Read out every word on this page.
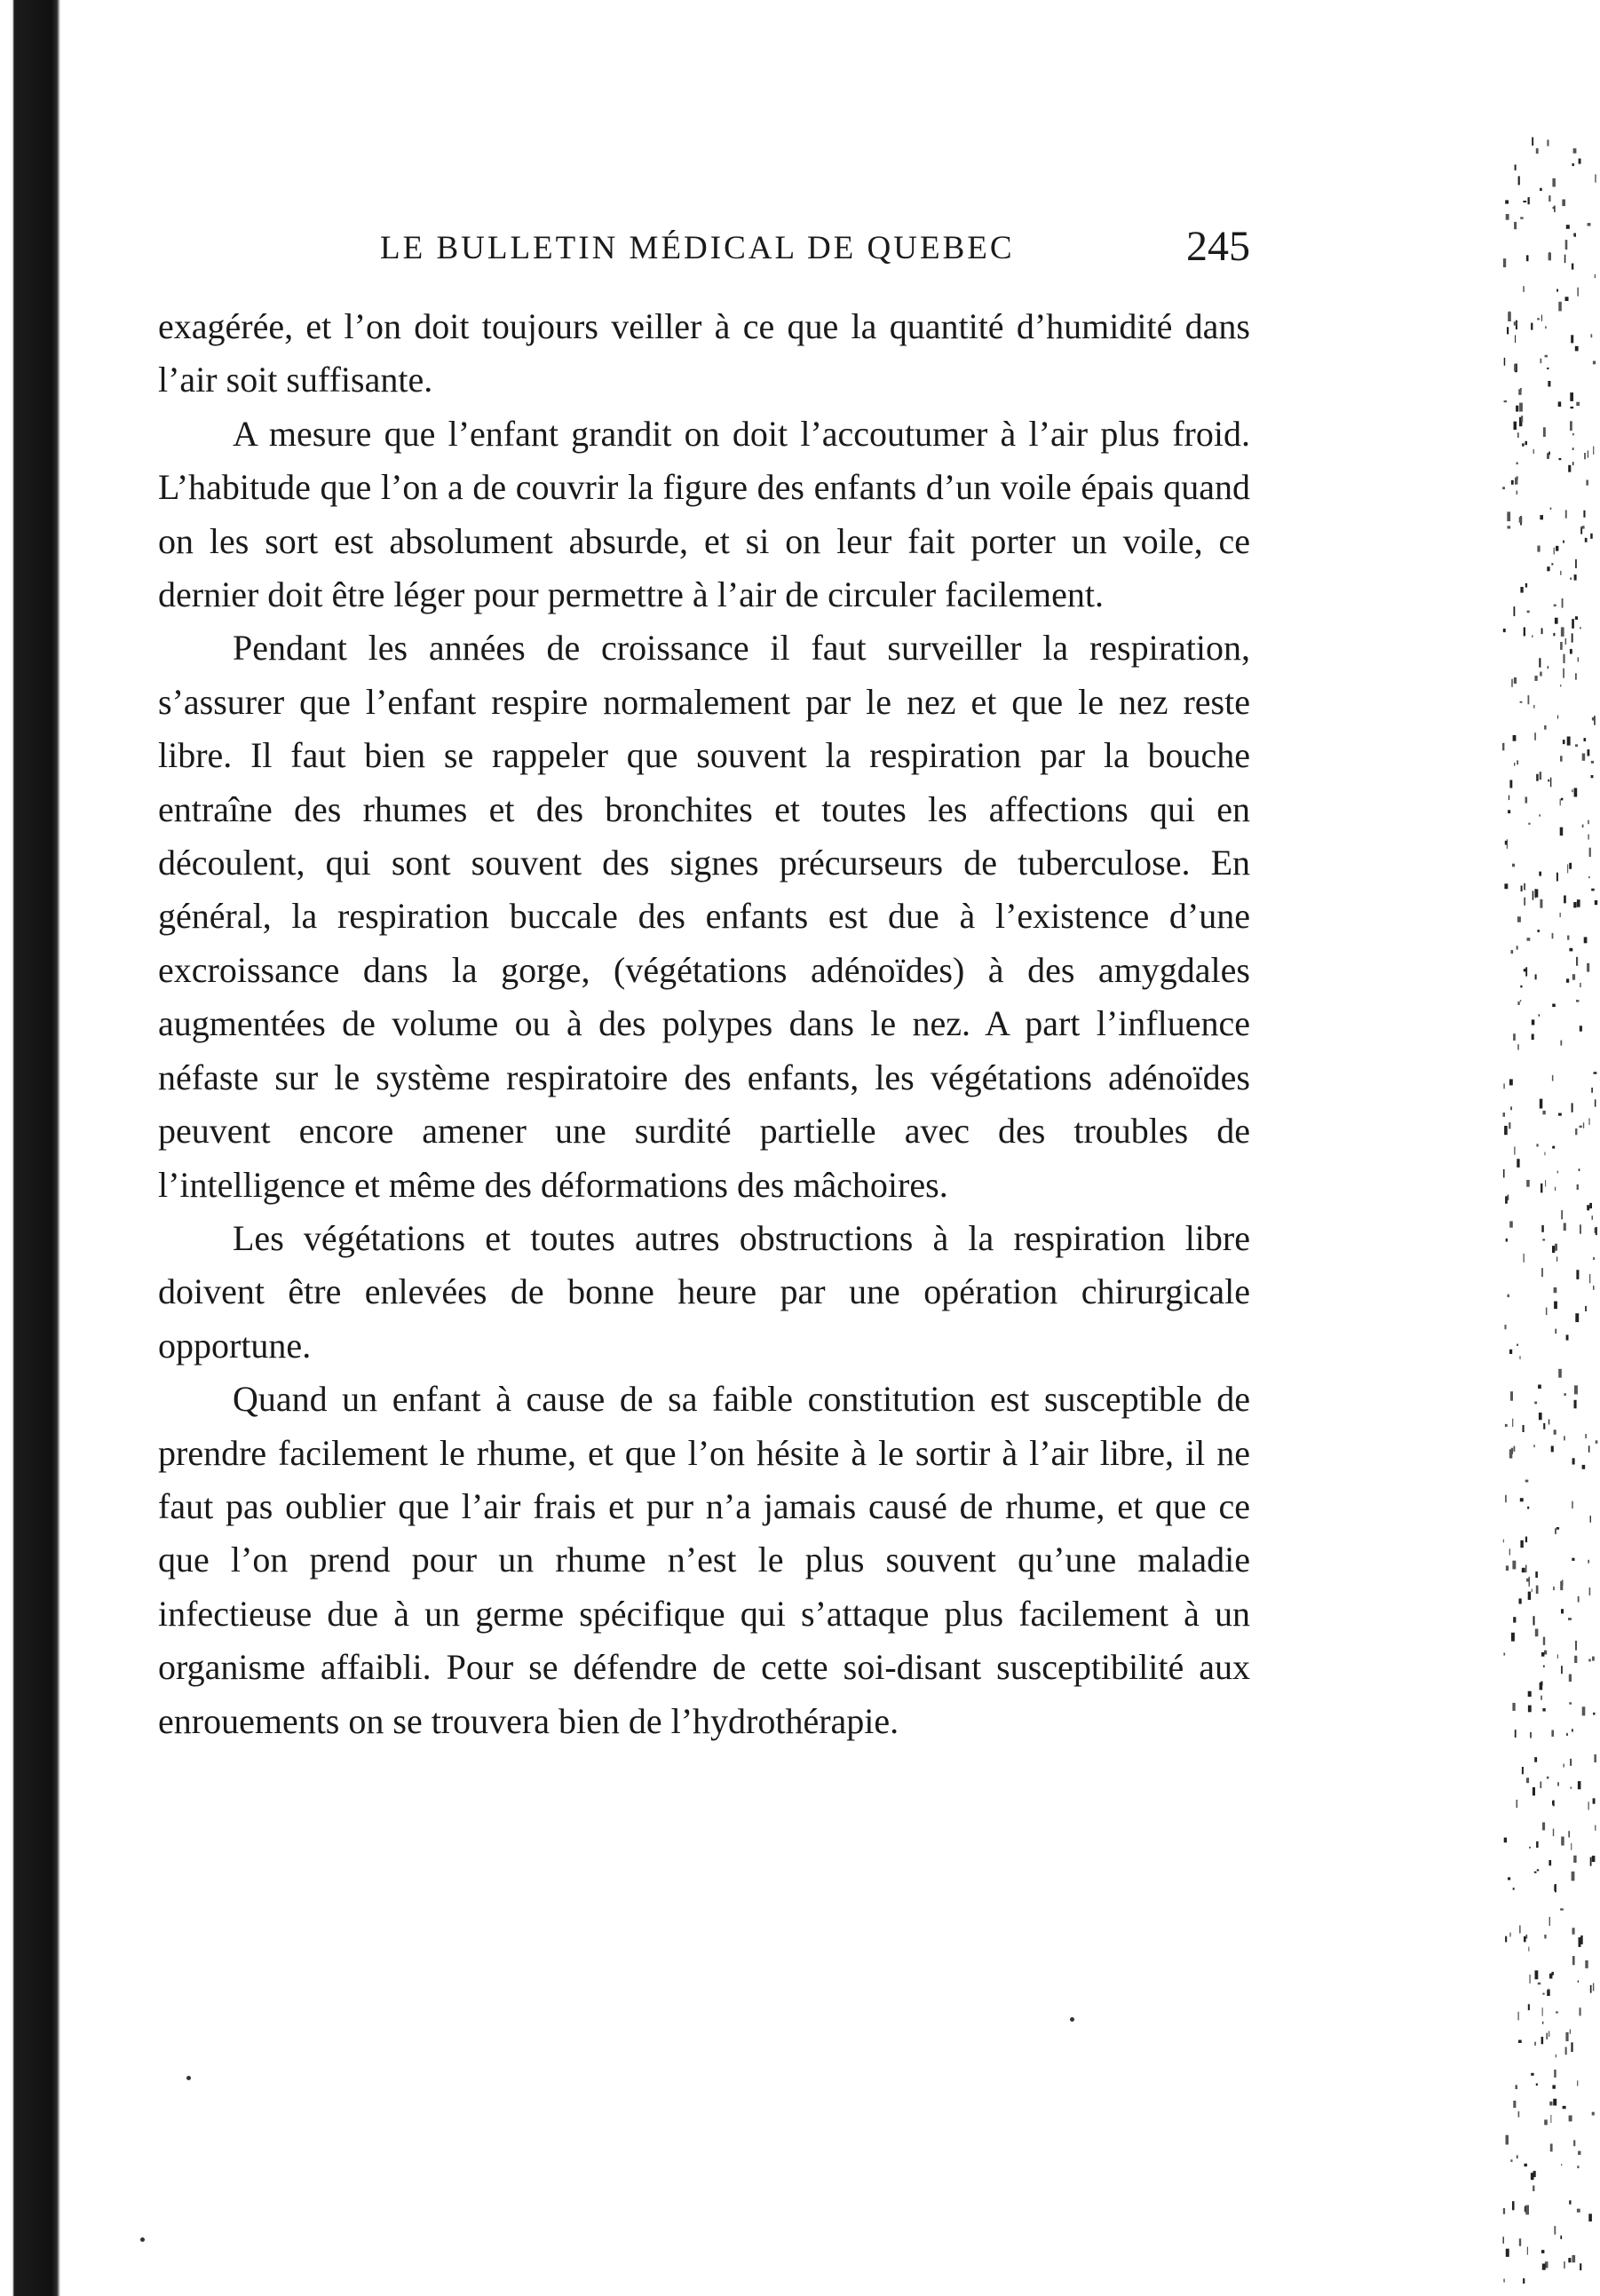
LE BULLETIN MÉDICAL DE QUEBEC	245

exagérée, et l’on doit toujours veiller à ce que la quantité d’humidité dans l’air soit suffisante.

A mesure que l’enfant grandit on doit l’accoutumer à l’air plus froid. L’habitude que l’on a de couvrir la figure des enfants d’un voile épais quand on les sort est absolument absurde, et si on leur fait porter un voile, ce dernier doit être léger pour permettre à l’air de circuler facilement.

Pendant les années de croissance il faut surveiller la respiration, s’assurer que l’enfant respire normalement par le nez et que le nez reste libre. Il faut bien se rappeler que souvent la respiration par la bouche entraîne des rhumes et des bronchites et toutes les affections qui en découlent, qui sont souvent des signes précurseurs de tuberculose. En général, la respiration buccale des enfants est due à l’existence d’une excroissance dans la gorge, (végétations adénoïdes) à des amygdales augmentées de volume ou à des polypes dans le nez. A part l’influence néfaste sur le système respiratoire des enfants, les végétations adénoïdes peuvent encore amener une surdité partielle avec des troubles de l’intelligence et même des déformations des mâchoires.

Les végétations et toutes autres obstructions à la respiration libre doivent être enlevées de bonne heure par une opération chirurgicale opportune.

Quand un enfant à cause de sa faible constitution est susceptible de prendre facilement le rhume, et que l’on hésite à le sortir à l’air libre, il ne faut pas oublier que l’air frais et pur n’a jamais causé de rhume, et que ce que l’on prend pour un rhume n’est le plus souvent qu’une maladie infectieuse due à un germe spécifique qui s’attaque plus facilement à un organisme affaibli. Pour se défendre de cette soi-disant susceptibilité aux enrouements on se trouvera bien de l’hydrothérapie.
